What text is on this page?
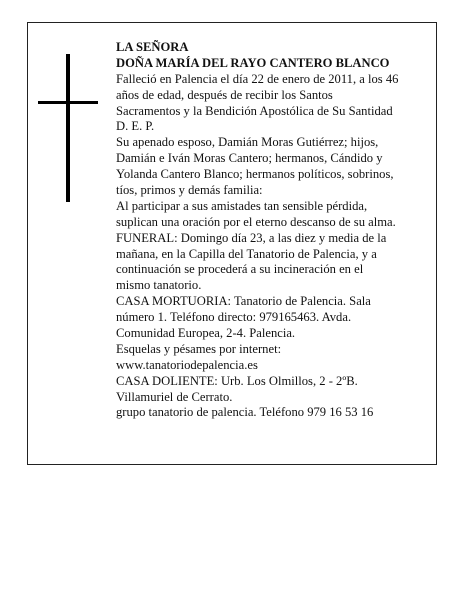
LA SEÑORA
DOÑA MARÍA DEL RAYO CANTERO BLANCO
Falleció en Palencia el día 22 de enero de 2011, a los 46
años de edad, después de recibir los Santos
Sacramentos y la Bendición Apostólica de Su Santidad
D. E. P.
Su apenado esposo, Damián Moras Gutiérrez; hijos,
Damián e Iván Moras Cantero; hermanos, Cándido y
Yolanda Cantero Blanco; hermanos políticos, sobrinos,
tíos, primos y demás familia:
Al participar a sus amistades tan sensible pérdida,
suplican una oración por el eterno descanso de su alma.
FUNERAL: Domingo día 23, a las diez y media de la
mañana, en la Capilla del Tanatorio de Palencia, y a
continuación se procederá a su incineración en el
mismo tanatorio.
CASA MORTUORIA: Tanatorio de Palencia. Sala
número 1. Teléfono directo: 979165463. Avda.
Comunidad Europea, 2-4. Palencia.
Esquelas y pésames por internet:
www.tanatoriodepalencia.es
CASA DOLIENTE: Urb. Los Olmillos, 2 - 2ºB.
Villamuriel de Cerrato.
grupo tanatorio de palencia. Teléfono 979 16 53 16
